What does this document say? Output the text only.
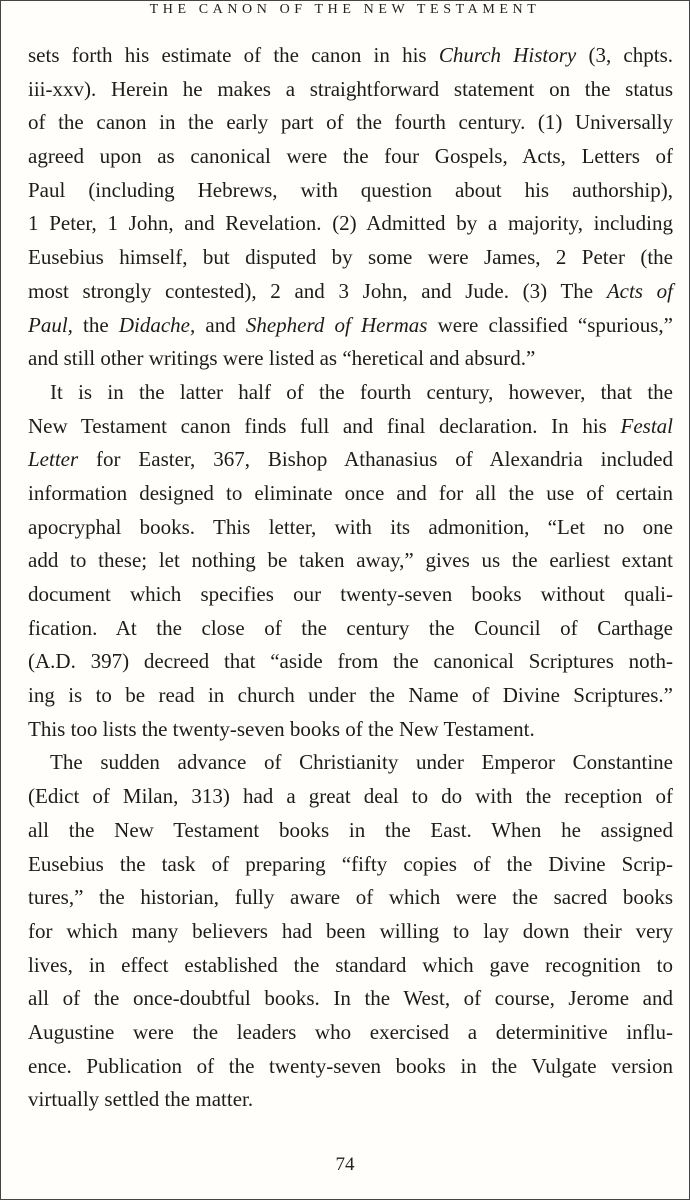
THE CANON OF THE NEW TESTAMENT
sets forth his estimate of the canon in his Church History (3, chpts.
iii-xxv). Herein he makes a straightforward statement on the status
of the canon in the early part of the fourth century. (1) Universally
agreed upon as canonical were the four Gospels, Acts, Letters of
Paul (including Hebrews, with question about his authorship),
1 Peter, 1 John, and Revelation. (2) Admitted by a majority, including
Eusebius himself, but disputed by some were James, 2 Peter (the
most strongly contested), 2 and 3 John, and Jude. (3) The Acts of
Paul, the Didache, and Shepherd of Hermas were classified “spurious,”
and still other writings were listed as “heretical and absurd.”
It is in the latter half of the fourth century, however, that the
New Testament canon finds full and final declaration. In his Festal
Letter for Easter, 367, Bishop Athanasius of Alexandria included
information designed to eliminate once and for all the use of certain
apocryphal books. This letter, with its admonition, “Let no one
add to these; let nothing be taken away,” gives us the earliest extant
document which specifies our twenty-seven books without quali-
fication. At the close of the century the Council of Carthage
(A.D. 397) decreed that “aside from the canonical Scriptures noth-
ing is to be read in church under the Name of Divine Scriptures.”
This too lists the twenty-seven books of the New Testament.
The sudden advance of Christianity under Emperor Constantine
(Edict of Milan, 313) had a great deal to do with the reception of
all the New Testament books in the East. When he assigned
Eusebius the task of preparing “fifty copies of the Divine Scrip-
tures,” the historian, fully aware of which were the sacred books
for which many believers had been willing to lay down their very
lives, in effect established the standard which gave recognition to
all of the once-doubtful books. In the West, of course, Jerome and
Augustine were the leaders who exercised a determinitive influ-
ence. Publication of the twenty-seven books in the Vulgate version
virtually settled the matter.
74
